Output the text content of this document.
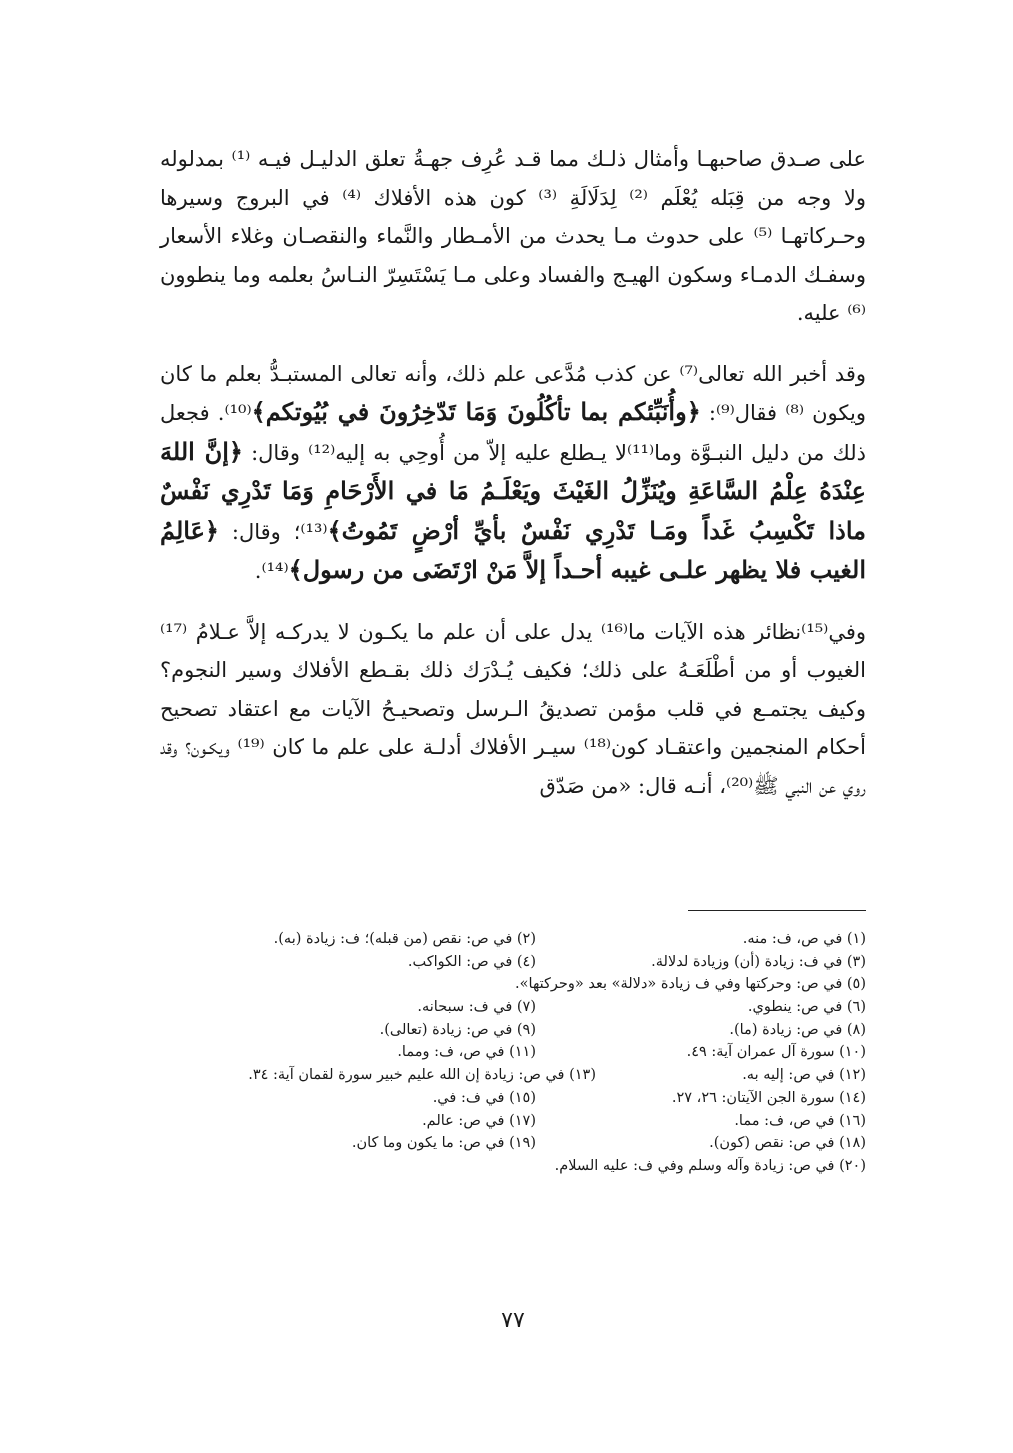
على صـدق صاحبهـا وأمثال ذلـك مما قـد عُرِف جهـةُ تعلق الدليـل فيـه ⁽¹⁾ بمدلوله ولا وجه من قِبَله يُعْلَم ⁽²⁾ لِدَلَالَةِ ⁽³⁾ كون هذه الأفلاك ⁽⁴⁾ في البروج وسيرها وحـركاتهـا ⁽⁵⁾ على حدوث مـا يحدث من الأمـطار والنَّماء والنقصـان وغلاء الأسعار وسفـك الدمـاء وسكون الهيـج والفساد وعلى مـا يَسْتَسِرّ النـاسُ بعلمه وما ينطوون ⁽⁶⁾ عليه.

وقد أخبر الله تعالى⁽⁷⁾ عن كذب مُدَّعى علم ذلك، وأنه تعالى المستبـدُّ بعلم ما كان ويكون ⁽⁸⁾ فقال⁽⁹⁾: ﴿وأُنَبِّئكم بما تأكُلُونَ وَمَا تَدّخِرُونَ في بُيُوتكم﴾⁽¹⁰⁾. فجعل ذلك من دليل النبـوَّة وما⁽¹¹⁾لا يـطلع عليه إلاّ من أُوحِي به إليه⁽¹²⁾ وقال: ﴿إنَّ اللهَ عِنْدَهُ عِلْمُ السَّاعَةِ ويُنَزِّلُ الغَيْثَ ويَعْلَـمُ مَا في الأَرْحَامِ وَمَا تَدْرِي نَفْسٌ ماذا تَكْسِبُ غَداً ومَـا تَدْرِي نَفْسٌ بأيِّ أرْضٍ تَمُوتُ﴾⁽¹³⁾؛ وقال: ﴿عَالِمُ الغيب فلا يظهر علـى غيبه أحـداً إلاَّ مَنْ ارْتَضَى من رسول﴾⁽¹⁴⁾.

وفي⁽¹⁵⁾نظائر هذه الآيات ما⁽¹⁶⁾ يدل على أن علم ما يكـون لا يدركـه إلاَّ عـلامُ ⁽¹⁷⁾ الغيوب أو من أطْلَعَـهُ على ذلك؛ فكيف يُـدْرَك ذلك بقـطع الأفلاك وسير النجوم؟ وكيف يجتمـع في قلب مؤمن تصديقُ الـرسل وتصحيـحُ الآيات مع اعتقاد تصحيح أحكام المنجمين واعتقـاد كون⁽¹⁸⁾ سيـر الأفلاك أدلـة على علم ما كان ⁽¹⁹⁾ ويكـون؟ وقد روي عن النبي ﷺ⁽²⁰⁾، أنـه قال: «من صَدّق

(١) في ص، ف: منه.
(٢) في ص: نقص (من قبله)؛ ف: زيادة (به).
(٣) في ف: زيادة (أن) وزيادة لدلالة.
(٤) في ص: الكواكب.
(٥) في ص: وحركتها وفي ف زيادة «دلالة» بعد «وحركتها».
(٦) في ص: ينطوي.
(٧) في ف: سبحانه.
(٨) في ص: زيادة (ما).
(٩) في ص: زيادة (تعالى).
(١٠) سورة آل عمران آية: ٤٩.
(١١) في ص، ف: ومما.
(١٢) في ص: إليه به.
(١٣) في ص: زيادة إن الله عليم خبير سورة لقمان آية: ٣٤.
(١٤) سورة الجن الآيتان: ٢٦، ٢٧.
(١٥) في ف: في.
(١٦) في ص، ف: مما.
(١٧) في ص: عالم.
(١٨) في ص: نقص (كون).
(١٩) في ص: ما يكون وما كان.
(٢٠) في ص: زيادة وآله وسلم وفي ف: عليه السلام.
٧٧
